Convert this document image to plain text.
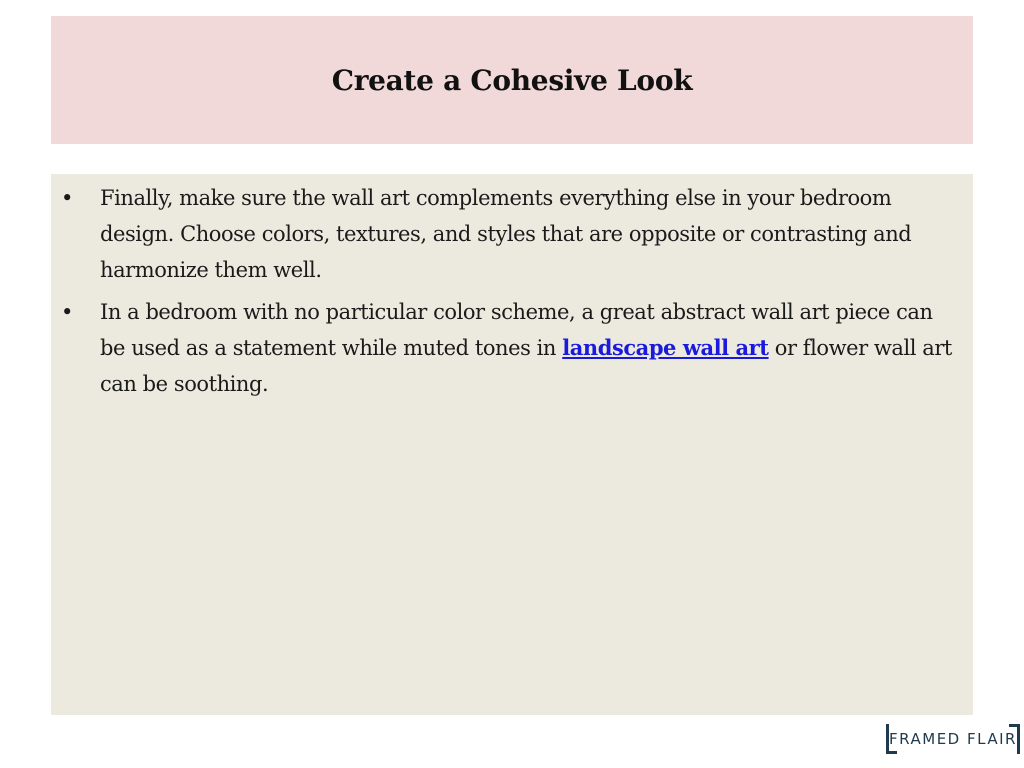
Create a Cohesive Look
•	Finally, make sure the wall art complements everything else in your bedroom design. Choose colors, textures, and styles that are opposite or contrasting and harmonize them well.
•	In a bedroom with no particular color scheme, a great abstract wall art piece can be used as a statement while muted tones in landscape wall art or flower wall art can be soothing.
FRAMED FLAIR
